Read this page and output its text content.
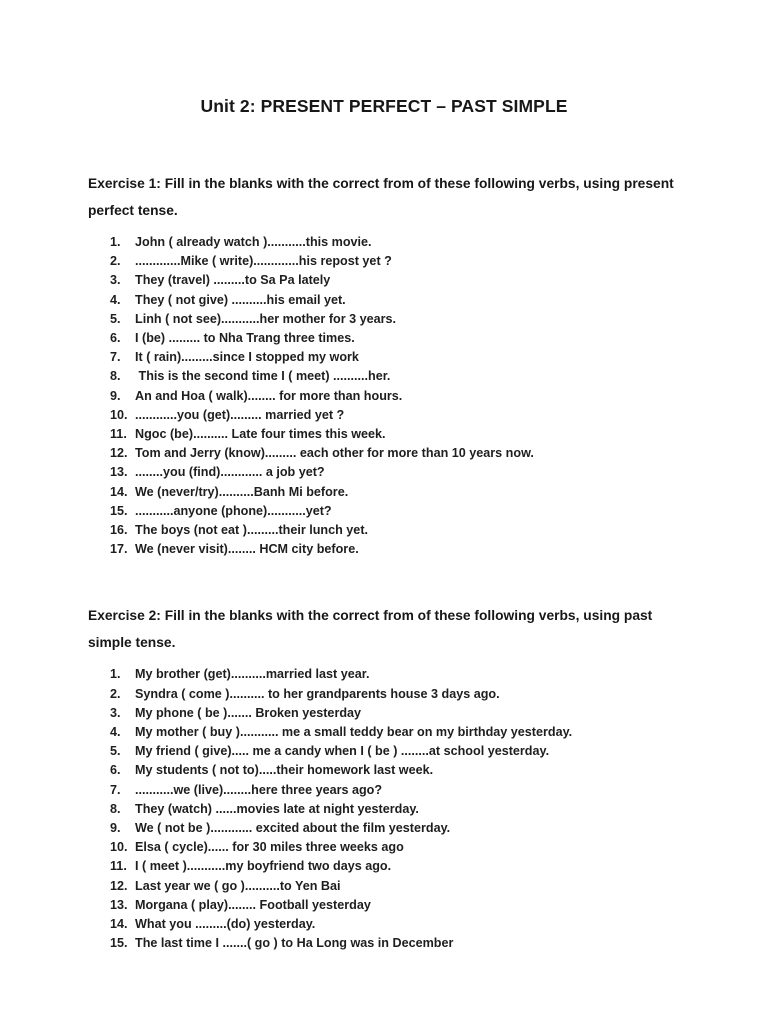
Unit 2: PRESENT PERFECT – PAST SIMPLE
Exercise 1: Fill in the blanks with the correct from of these following verbs, using present perfect tense.
1.	John ( already watch )...........this movie.
2.	.............Mike ( write).............his repost yet ?
3.	They (travel) .........to Sa Pa lately
4.	They ( not give) ..........his email yet.
5.	Linh ( not see)...........her mother for 3 years.
6.	I (be) ......... to Nha Trang three times.
7.	It ( rain).........since I stopped my work
8.	This is the second time I ( meet) ..........her.
9.	An and Hoa ( walk)........ for more than hours.
10. ............you (get)......... married yet ?
11. Ngoc (be).......... Late four times this week.
12. Tom and Jerry (know)......... each other for more than 10 years now.
13. ........you (find)............ a job yet?
14. We (never/try)..........Banh Mi before.
15. ...........anyone (phone)...........yet?
16. The boys (not eat ).........their lunch yet.
17. We (never visit)........ HCM city before.
Exercise 2: Fill in the blanks with the correct from of these following verbs, using past simple tense.
1.	My brother (get)..........married last year.
2.	Syndra ( come ).......... to her grandparents house 3 days ago.
3.	My phone ( be )....... Broken yesterday
4.	My mother ( buy )........... me a small teddy bear on my birthday yesterday.
5.	My friend ( give)..... me a candy when I ( be ) ........at school yesterday.
6.	My students ( not to).....their homework last week.
7.	...........we (live)........here three years ago?
8.	They (watch) ......movies late at night yesterday.
9.	We ( not be )............ excited about the film yesterday.
10. Elsa ( cycle)...... for 30 miles three weeks ago
11. I ( meet )...........my boyfriend two days ago.
12. Last year we ( go )..........to Yen Bai
13. Morgana ( play)........ Football yesterday
14. What you .........(do) yesterday.
15. The last time I .......( go ) to Ha Long was in December
